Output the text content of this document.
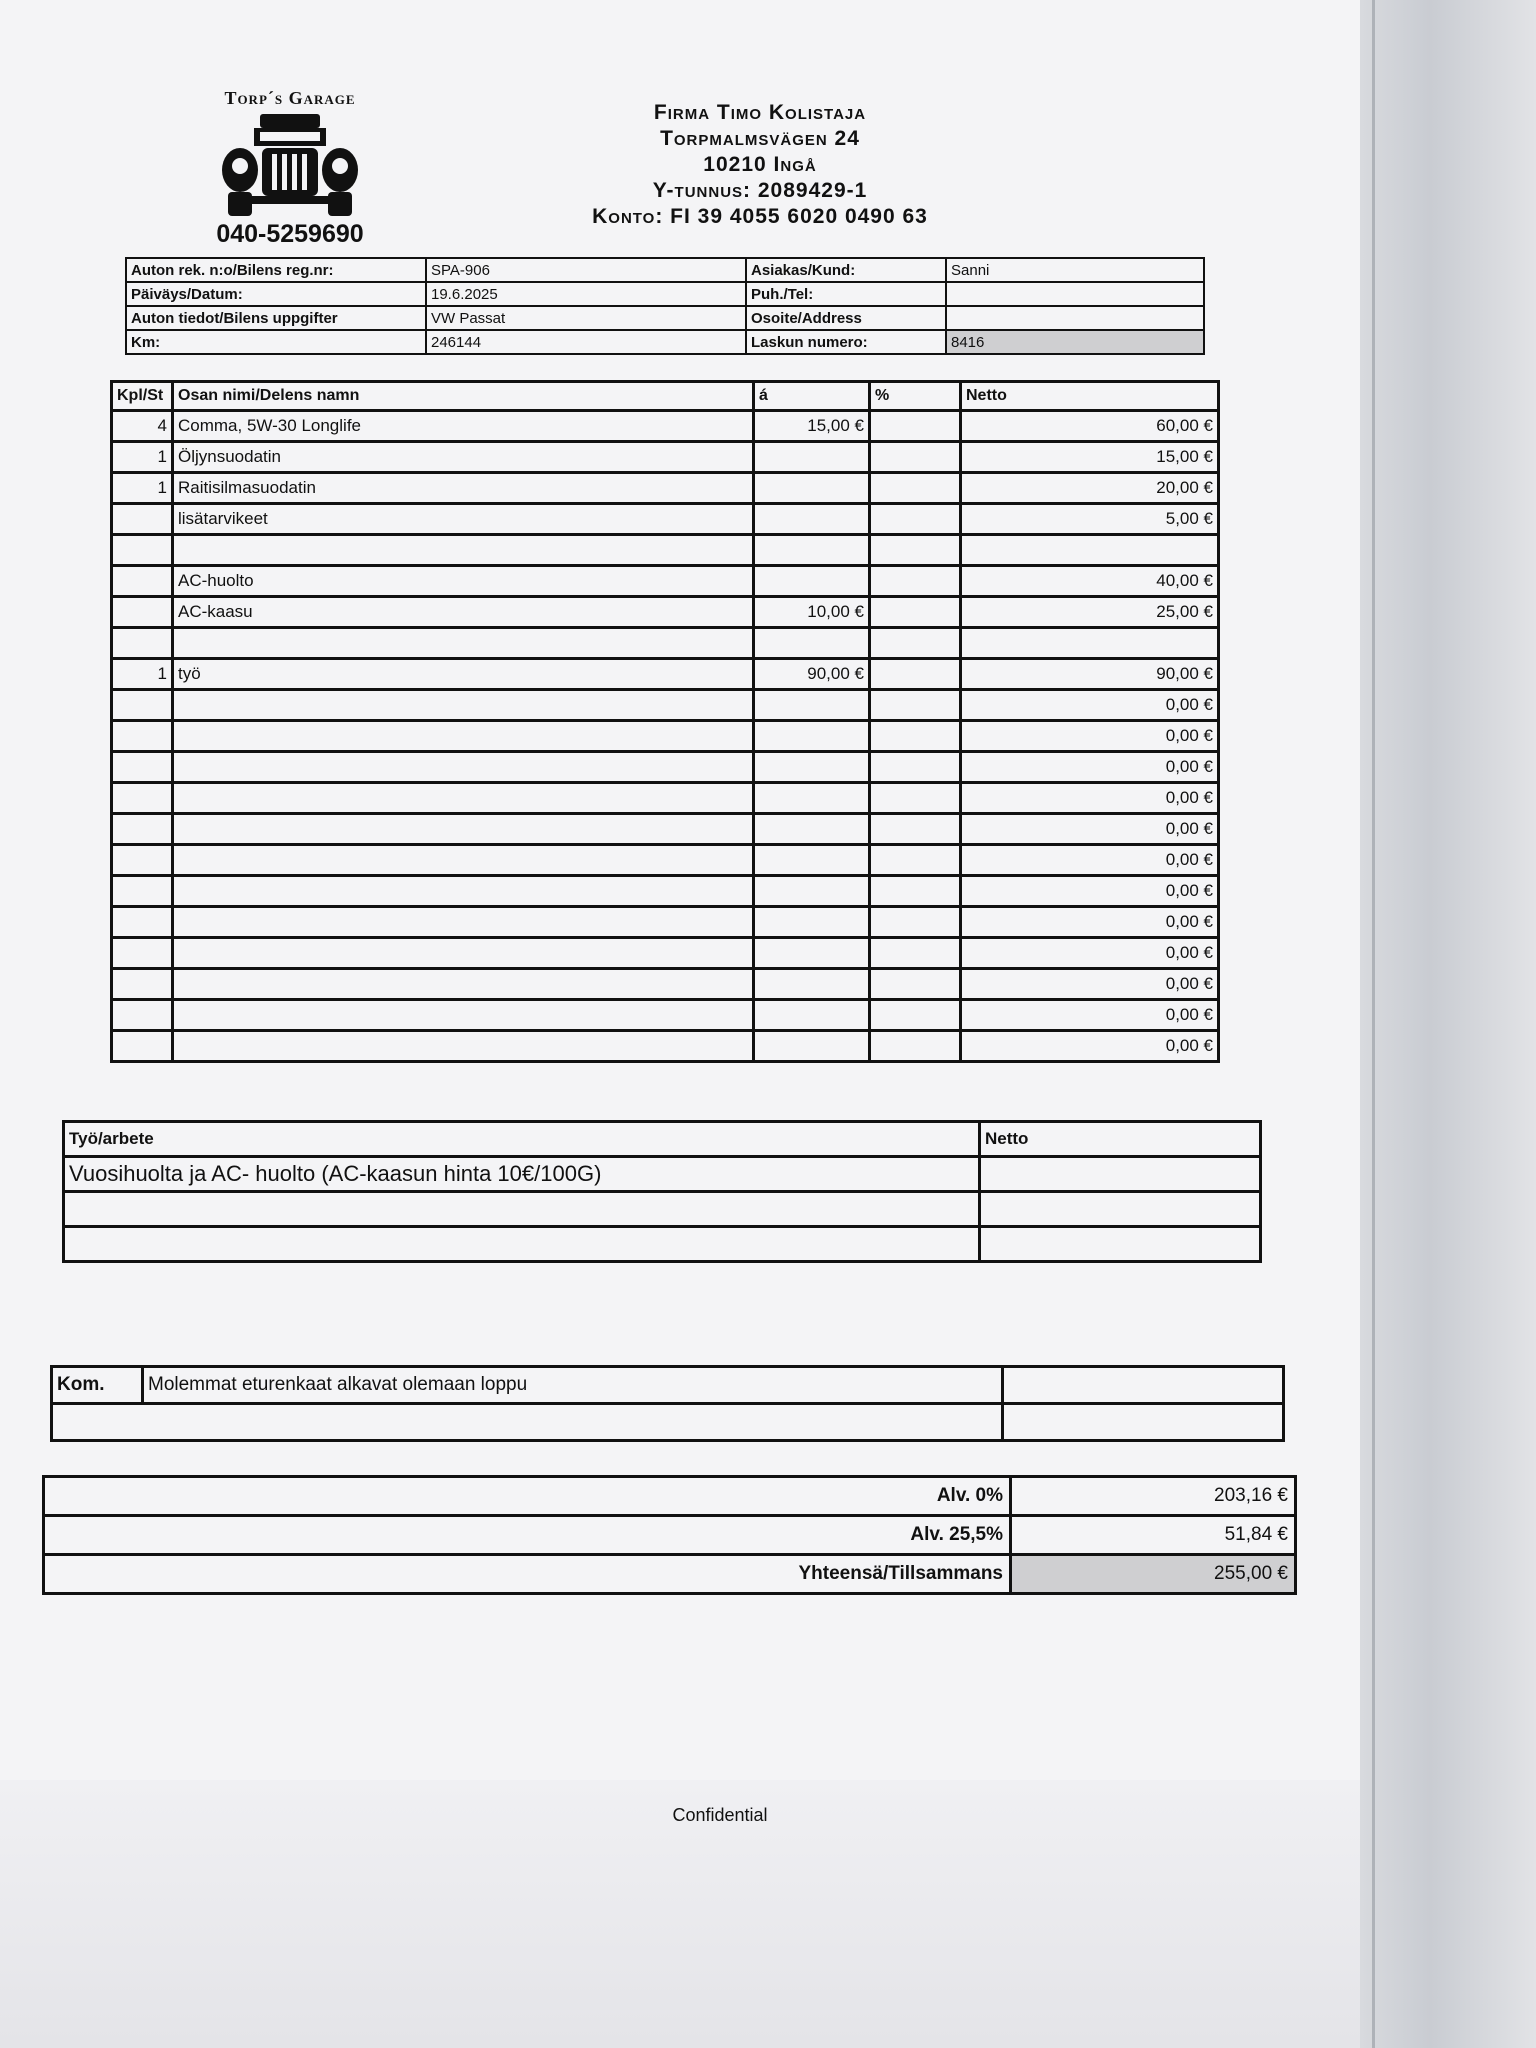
Torp´s Garage
040-5259690
Firma Timo Kolistaja
Torpmalmsvägen 24
10210 Ingå
Y-tunnus: 2089429-1
Konto: FI 39 4055 6020 0490 63
Auton rek. n:o/Bilens reg.nr:	SPA-906	Asiakas/Kund:	Sanni
Päiväys/Datum:	19.6.2025	Puh./Tel:	
Auton tiedot/Bilens uppgifter	VW Passat	Osoite/Address	
Km:	246144	Laskun numero:	8416
Kpl/St	Osan nimi/Delens namn	á	%	Netto
4	Comma, 5W-30 Longlife	15,00 €		60,00 €
1	Öljynsuodatin			15,00 €
1	Raitisilmasuodatin			20,00 €
	lisätarvikeet			5,00 €

	AC-huolto			40,00 €
	AC-kaasu	10,00 €		25,00 €

1	työ	90,00 €		90,00 €
				0,00 €
				0,00 €
				0,00 €
				0,00 €
				0,00 €
				0,00 €
				0,00 €
				0,00 €
				0,00 €
				0,00 €
				0,00 €
				0,00 €
Työ/arbete	Netto
Vuosihuolta ja AC- huolto (AC-kaasun hinta 10€/100G)	

Kom.	Molemmat eturenkaat alkavat olemaan loppu	

Alv. 0%	203,16 €
Alv. 25,5%	51,84 €
Yhteensä/Tillsammans	255,00 €
Confidential
